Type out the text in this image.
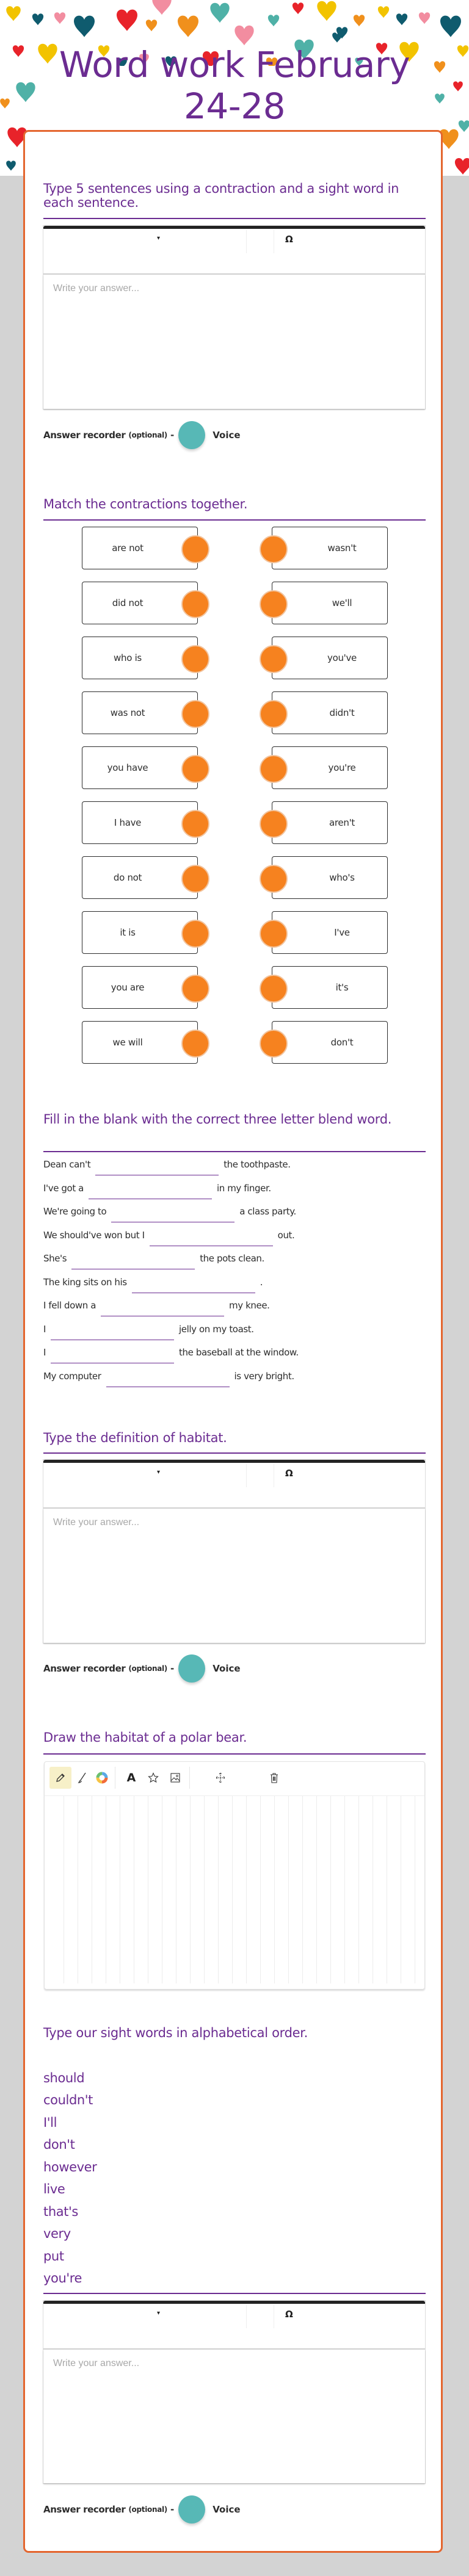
Word work February
24-28
Type 5 sentences using a contraction and a sight word in each sentence.
▾	Ω
Write your answer...
Answer recorder (optional) -	Voice
Match the contractions together.
are not	wasn't
did not	we'll
who is	you've
was not	didn't
you have	you're
I have	aren't
do not	who's
it is	I've
you are	it's
we will	don't
Fill in the blank with the correct three letter blend word.
Dean can't	the toothpaste.
I've got a	in my finger.
We're going to	a class party.
We should've won but I	out.
She's	the pots clean.
The king sits on his	.
I fell down a	my knee.
I	jelly on my toast.
I	the baseball at the window.
My computer	is very bright.
Type the definition of habitat.
▾	Ω
Write your answer...
Answer recorder (optional) -	Voice
Draw the habitat of a polar bear.
A
Type our sight words in alphabetical order.
should
couldn't
I'll
don't
however
live
that's
very
put
you're
▾	Ω
Write your answer...
Answer recorder (optional) -	Voice
